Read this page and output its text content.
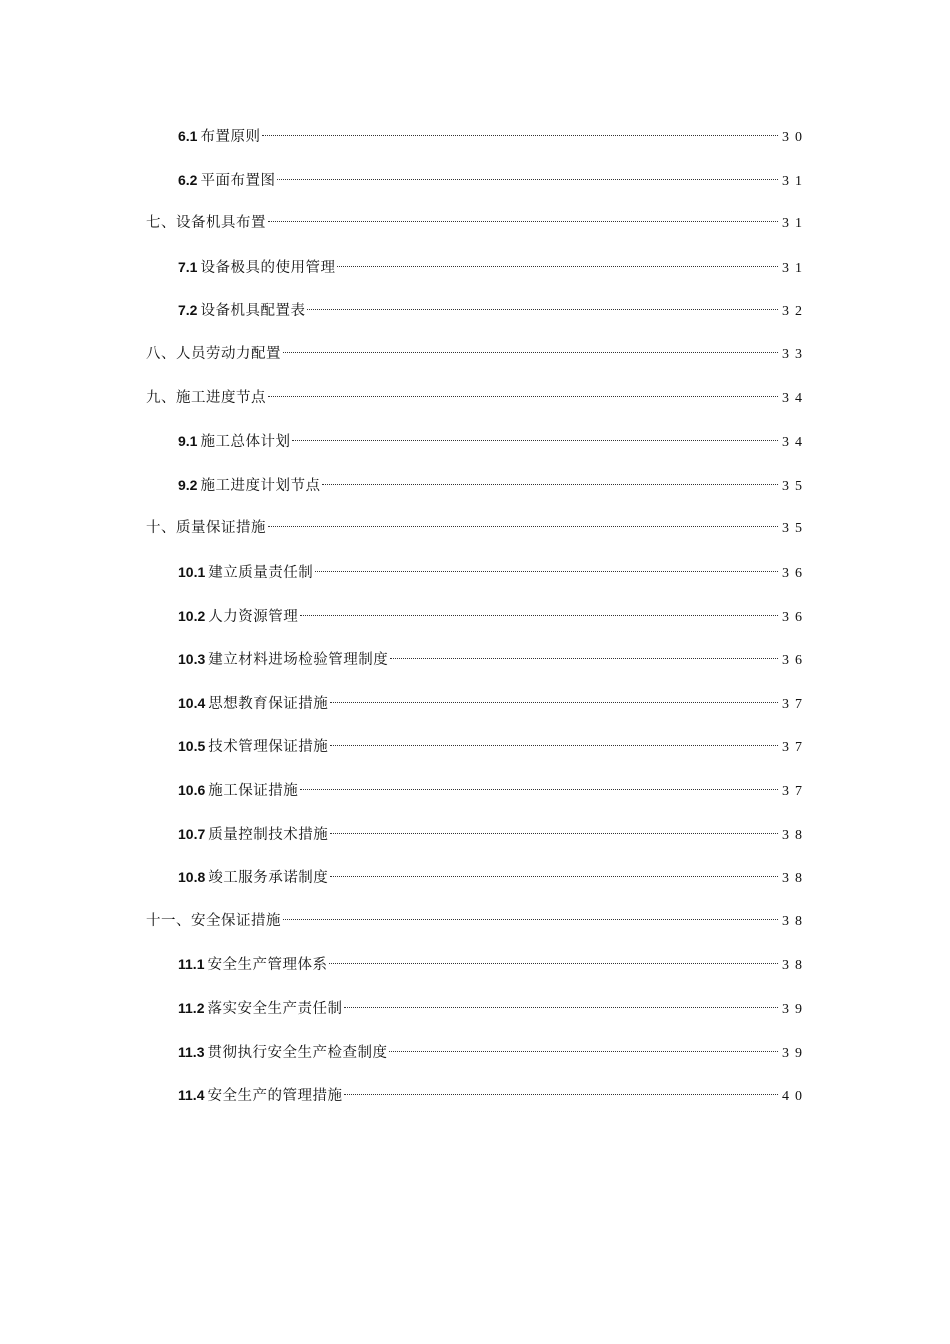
6.1 布置原则	30
6.2 平面布置图	31
七、设备机具布置	31
7.1 设备极具的使用管理	31
7.2 设备机具配置表	32
八、人员劳动力配置	33
九、施工进度节点	34
9.1 施工总体计划	34
9.2 施工进度计划节点	35
十、质量保证措施	35
10.1 建立质量责任制	36
10.2 人力资源管理	36
10.3 建立材料进场检验管理制度	36
10.4 思想教育保证措施	37
10.5 技术管理保证措施	37
10.6 施工保证措施	37
10.7 质量控制技术措施	38
10.8 竣工服务承诺制度	38
十一、安全保证措施	38
11.1 安全生产管理体系	38
11.2 落实安全生产责任制	39
11.3 贯彻执行安全生产检查制度	39
11.4 安全生产的管理措施	40
